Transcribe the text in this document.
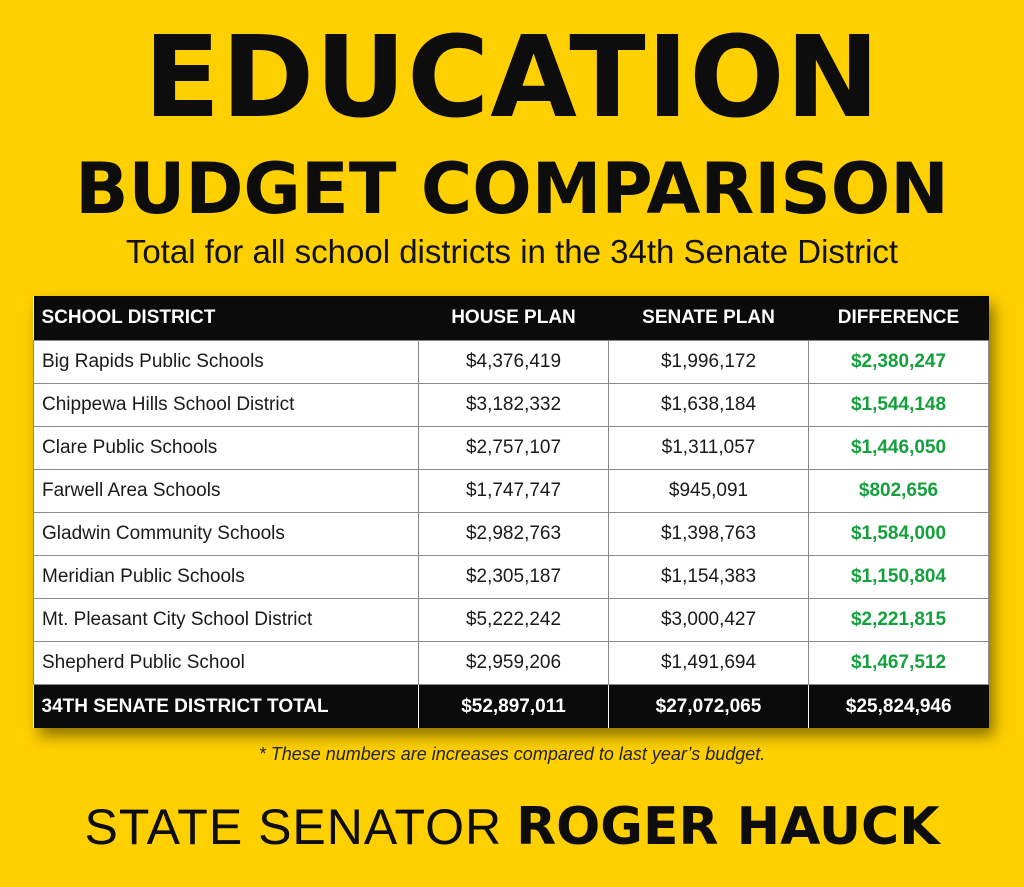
EDUCATION
BUDGET COMPARISON
Total for all school districts in the 34th Senate District
SCHOOL DISTRICT	HOUSE PLAN	SENATE PLAN	DIFFERENCE
Big Rapids Public Schools	$4,376,419	$1,996,172	$2,380,247
Chippewa Hills School District	$3,182,332	$1,638,184	$1,544,148
Clare Public Schools	$2,757,107	$1,311,057	$1,446,050
Farwell Area Schools	$1,747,747	$945,091	$802,656
Gladwin Community Schools	$2,982,763	$1,398,763	$1,584,000
Meridian Public Schools	$2,305,187	$1,154,383	$1,150,804
Mt. Pleasant City School District	$5,222,242	$3,000,427	$2,221,815
Shepherd Public School	$2,959,206	$1,491,694	$1,467,512
34TH SENATE DISTRICT TOTAL	$52,897,011	$27,072,065	$25,824,946
* These numbers are increases compared to last year’s budget.
STATE SENATOR ROGER HAUCK
